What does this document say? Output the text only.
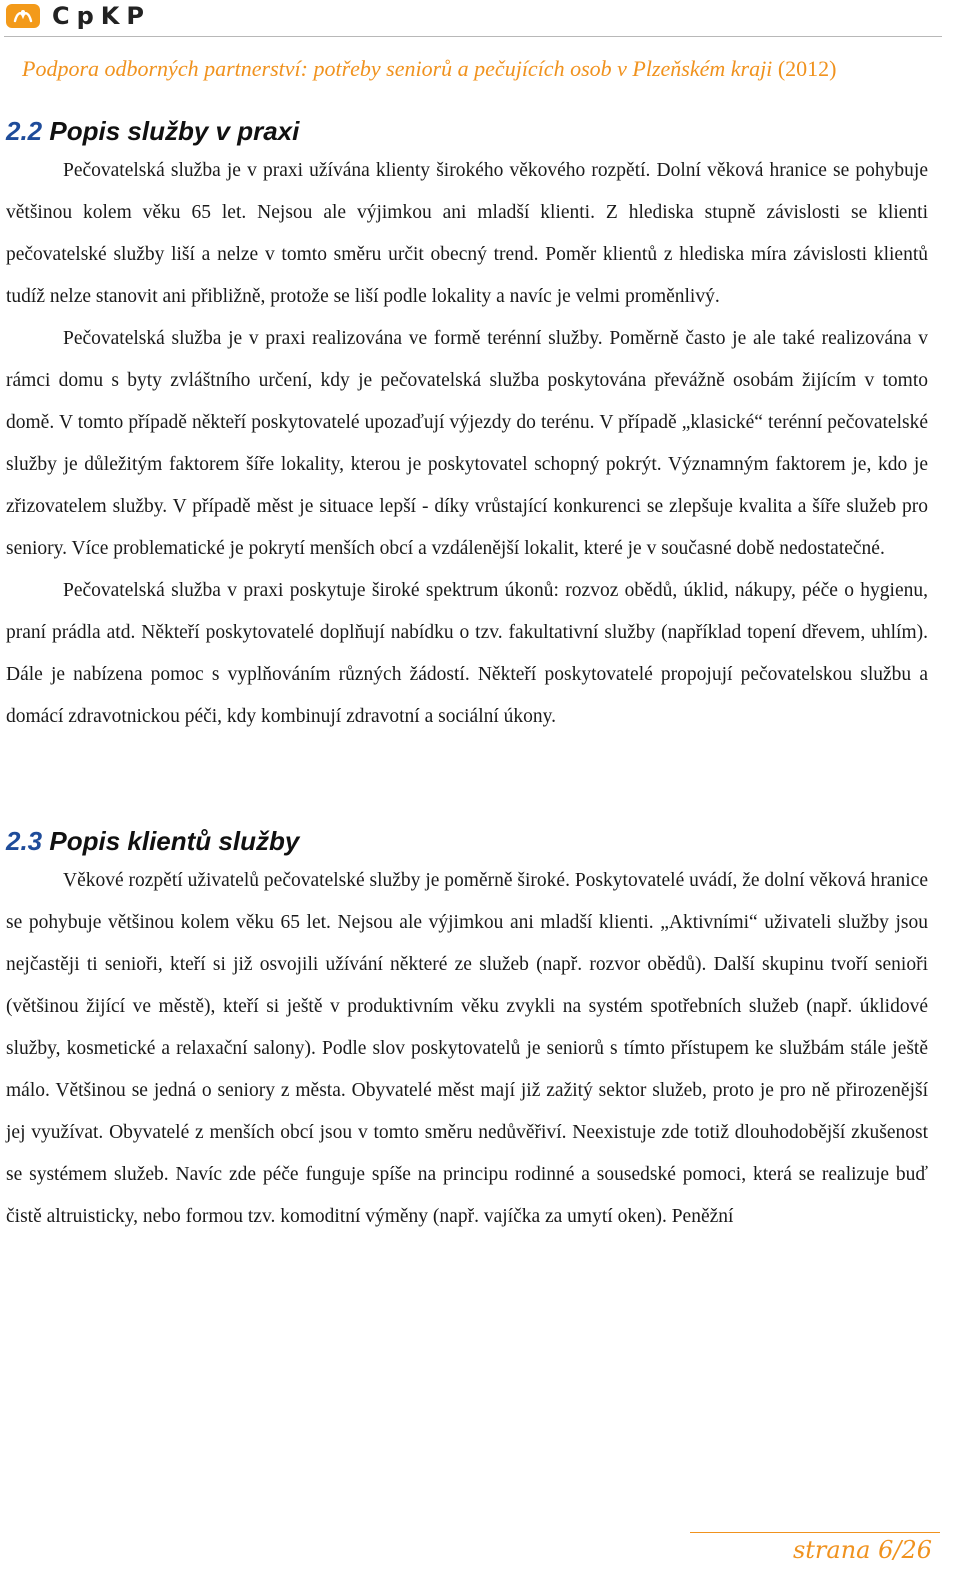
CpKP
Podpora odborných partnerství: potřeby seniorů a pečujících osob v Plzeňském kraji (2012)
2.2 Popis služby v praxi

Pečovatelská služba je v praxi užívána klienty širokého věkového rozpětí. Dolní věková hranice se pohybuje většinou kolem věku 65 let. Nejsou ale výjimkou ani mladší klienti. Z hlediska stupně závislosti se klienti pečovatelské služby liší a nelze v tomto směru určit obecný trend. Poměr klientů z hlediska míra závislosti klientů tudíž nelze stanovit ani přibližně, protože se liší podle lokality a navíc je velmi proměnlivý.

Pečovatelská služba je v praxi realizována ve formě terénní služby. Poměrně často je ale také realizována v rámci domu s byty zvláštního určení, kdy je pečovatelská služba poskytována převážně osobám žijícím v tomto domě. V tomto případě někteří poskytovatelé upozaďují výjezdy do terénu. V případě „klasické“ terénní pečovatelské služby je důležitým faktorem šíře lokality, kterou je poskytovatel schopný pokrýt. Významným faktorem je, kdo je zřizovatelem služby. V případě měst je situace lepší - díky vrůstající konkurenci se zlepšuje kvalita a šíře služeb pro seniory. Více problematické je pokrytí menších obcí a vzdálenější lokalit, které je v současné době nedostatečné.

Pečovatelská služba v praxi poskytuje široké spektrum úkonů: rozvoz obědů, úklid, nákupy, péče o hygienu, praní prádla atd. Někteří poskytovatelé doplňují nabídku o tzv. fakultativní služby (například topení dřevem, uhlím). Dále je nabízena pomoc s vyplňováním různých žádostí. Někteří poskytovatelé propojují pečovatelskou službu a domácí zdravotnickou péči, kdy kombinují zdravotní a sociální úkony.

2.3 Popis klientů služby

Věkové rozpětí uživatelů pečovatelské služby je poměrně široké. Poskytovatelé uvádí, že dolní věková hranice se pohybuje většinou kolem věku 65 let. Nejsou ale výjimkou ani mladší klienti. „Aktivními“ uživateli služby jsou nejčastěji ti senioři, kteří si již osvojili užívání některé ze služeb (např. rozvor obědů). Další skupinu tvoří senioři (většinou žijící ve městě), kteří si ještě v produktivním věku zvykli na systém spotřebních služeb (např. úklidové služby, kosmetické a relaxační salony). Podle slov poskytovatelů je seniorů s tímto přístupem ke službám stále ještě málo. Většinou se jedná o seniory z města. Obyvatelé měst mají již zažitý sektor služeb, proto je pro ně přirozenější jej využívat. Obyvatelé z menších obcí jsou v tomto směru nedůvěřiví. Neexistuje zde totiž dlouhodobější zkušenost se systémem služeb. Navíc zde péče funguje spíše na principu rodinné a sousedské pomoci, která se realizuje buď čistě altruisticky, nebo formou tzv. komoditní výměny (např. vajíčka za umytí oken). Peněžní

strana 6/26
